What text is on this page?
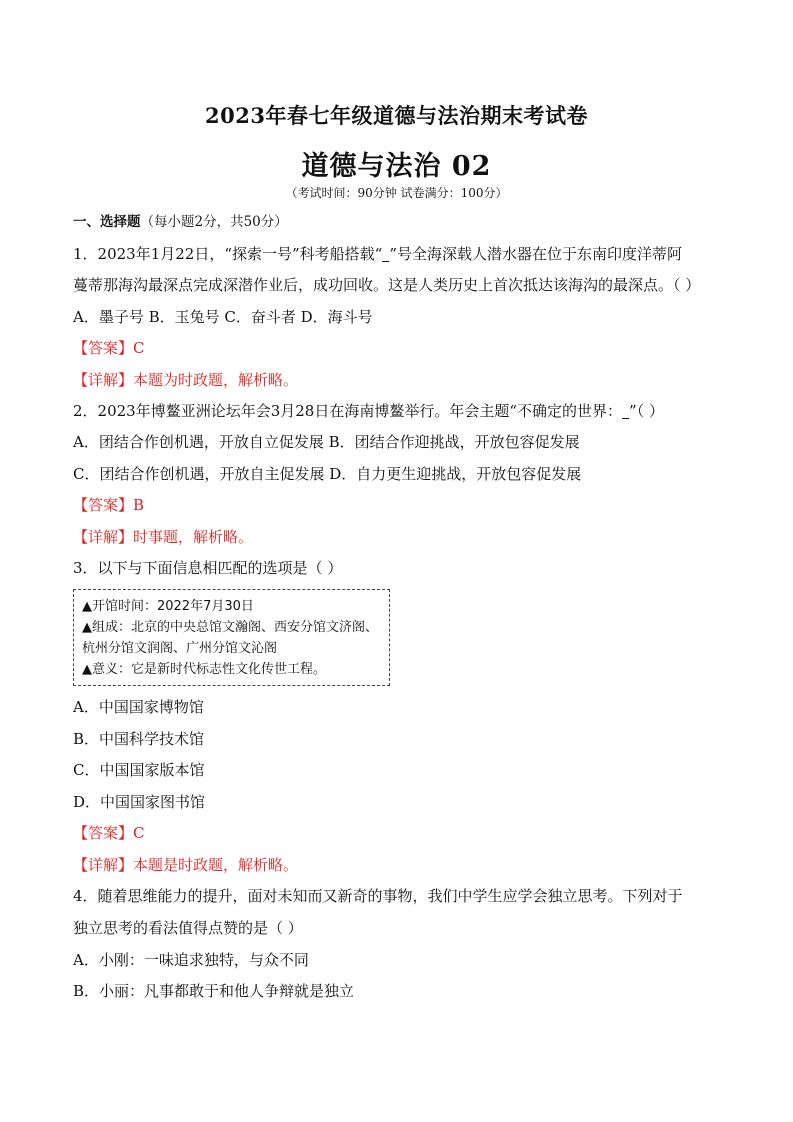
2023年春七年级道德与法治期末考试卷
道德与法治 02
（考试时间：90分钟 试卷满分：100分）
一、选择题（每小题2分，共50分）
1．2023年1月22日，“探索一号”科考船搭载“ ”号全海深载人潜水器在位于东南印度洋蒂阿
蔓蒂那海沟最深点完成深潜作业后，成功回收。这是人类历史上首次抵达该海沟的最深点。（ ）
A．墨子号 B．玉兔号 C．奋斗者 D．海斗号
【答案】C
【详解】本题为时政题，解析略。
2．2023年博鳌亚洲论坛年会3月28日在海南博鳌举行。年会主题“不确定的世界： ”（ ）
A．团结合作创机遇，开放自立促发展 B．团结合作迎挑战，开放包容促发展
C．团结合作创机遇，开放自主促发展 D．自力更生迎挑战，开放包容促发展
【答案】B
【详解】时事题，解析略。
3．以下与下面信息相匹配的选项是（ ）
▲开馆时间：2022年7月30日
▲组成：北京的中央总馆文瀚阁、西安分馆文济阁、
杭州分馆文润阁、广州分馆文沁阁
▲意义：它是新时代标志性文化传世工程。
A．中国国家博物馆
B．中国科学技术馆
C．中国国家版本馆
D．中国国家图书馆
【答案】C
【详解】本题是时政题，解析略。
4．随着思维能力的提升，面对未知而又新奇的事物，我们中学生应学会独立思考。下列对于
独立思考的看法值得点赞的是（ ）
A．小刚：一味追求独特，与众不同
B．小丽：凡事都敢于和他人争辩就是独立
